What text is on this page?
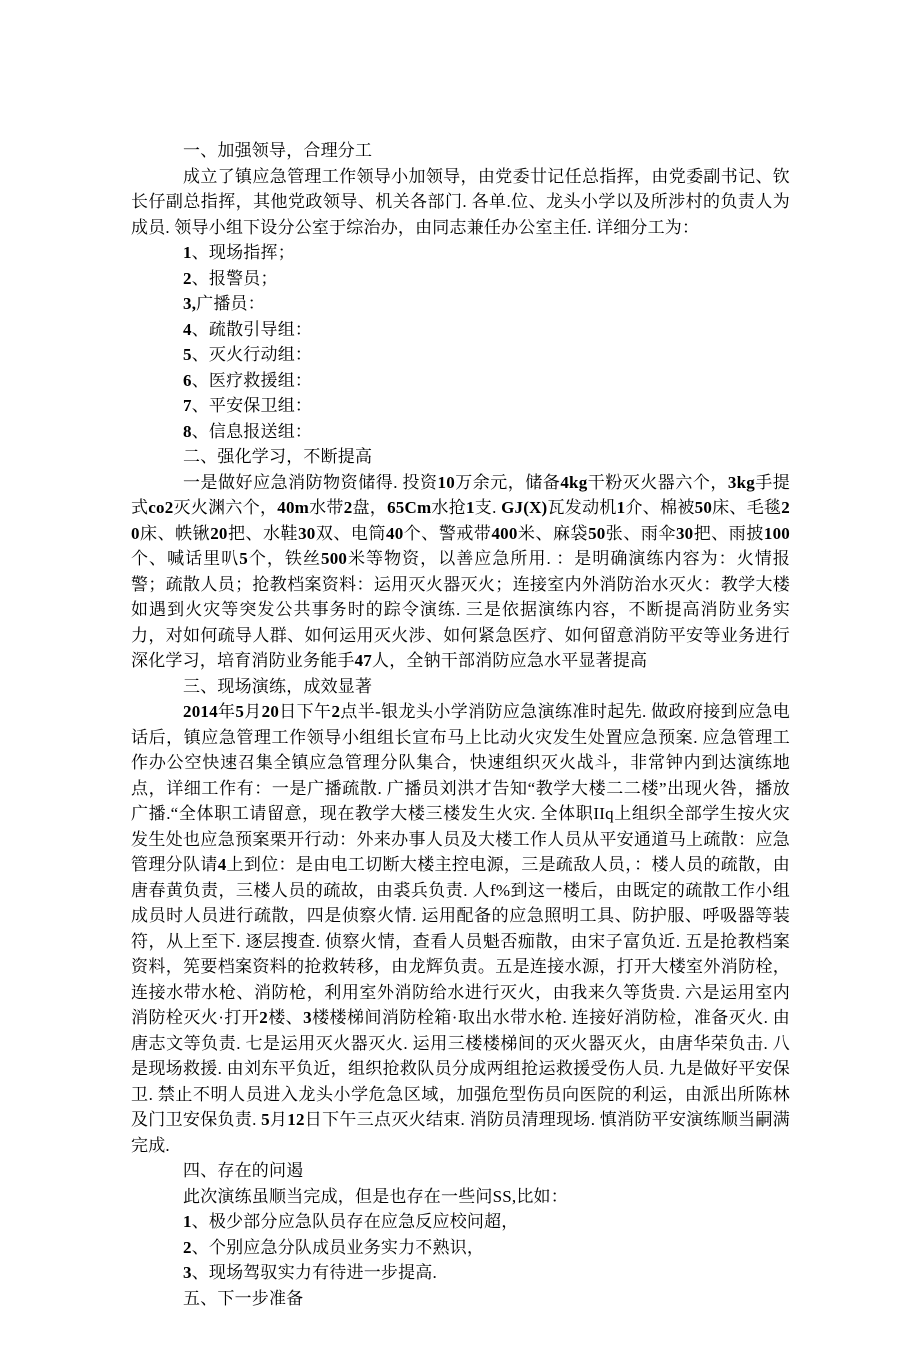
一、加强领导，合理分工

成立了镇应急管理工作领导小加领导，由党委廿记任总指挥，由党委副书记、钦长仔副总指挥，其他党政领导、机关各部门. 各单.位、龙头小学以及所涉村的负责人为成员. 领导小组下设分公室于综治办，由同志兼任办公室主任. 详细分工为：

1、现场指挥；

2、报警员；

3,广播员：

4、疏散引导组：

5、灭火行动组：

6、医疗救援组：

7、平安保卫组：

8、信息报送组：

二、强化学习，不断提高

一是做好应急消防物资储得. 投资10万余元，储备4kg干粉灭火器六个，3kg手提式co2灭火渊六个，40m水带2盘，65Cm水抢1支. GJ(X)瓦发动机1介、棉被50床、毛毯20床、帙锹20把、水鞋30双、电筒40个、警戒带400米、麻袋50张、雨伞30把、雨披100个、喊话里叭5个，铁丝500米等物资，以善应急所用. ：是明确演练内容为：火情报警；疏散人员；抢教档案资料：运用灭火器灭火；连接室内外消防治水灭火：教学大楼如遇到火灾等突发公共事务时的踪令演练. 三是依据演练内容，不断提高消防业务实力，对如何疏导人群、如何运用灭火涉、如何紧急医疗、如何留意消防平安等业务进行深化学习，培育消防业务能手47人，全钠干部消防应急水平显著提高

三、现场演练，成效显著

2014年5月20日下午2点半-银龙头小学消防应急演练准时起先. 做政府接到应急电话后，镇应急管理工作领导小组组长宣布马上比动火灾发生处置应急预案. 应急管理工作办公空快速召集全镇应急管理分队集合，快速组织灭火战斗，非常钟内到达演练地点，详细工作有：一是广播疏散. 广播员刘洪才告知“教学大楼二二楼”出现火咎，播放广播.“全体职工请留意，现在教学大楼三楼发生火灾. 全体职IIq上组织全部学生按火灾发生处也应急预案栗开行动：外来办事人员及大楼工作人员从平安通道马上疏散：应急管理分队请4上到位：是由电工切断大楼主控电源，三是疏敌人员，：楼人员的疏散，由唐春黄负责，三楼人员的疏故，由裘兵负责. 人f%到这一楼后，由既定的疏散工作小组成员时人员进行疏散，四是侦察火情. 运用配备的应急照明工具、防护服、呼吸器等装符，从上至下. 逐层搜查. 侦察火情，查看人员魁否痂散，由宋子富负近. 五是抢教档案资料，筅要档案资料的抢救转移，由龙辉负责。五是连接水源，打开大楼室外消防栓，连接水带水枪、消防枪，利用室外消防给水进行灭火，由我来久等货贵. 六是运用室内消防栓灭火·打开2楼、3楼楼梯间消防栓箱·取出水带水枪. 连接好消防检，准备灭火. 由唐志文等负责. 七是运用灭火器灭火. 运用三楼楼梯间的灭火器灭火，由唐华荣负击. 八是现场救援. 由刘东平负近，组织抢救队员分成两组抢运救援受伤人员. 九是做好平安保卫. 禁止不明人员进入龙头小学危急区域，加强危型伤员向医院的利运，由派出所陈林及门卫安保负责. 5月12日下午三点灭火结束. 消防员清理现场. 慎消防平安演练顺当嗣满完成.

四、存在的问遏

此次演练虽顺当完成，但是也存在一些问SS,比如：

1、极少部分应急队员存在应急反应校问超，

2、个别应急分队成员业务实力不熟识，

3、现场驾驭实力有待进一步提高.

五、下一步准备
